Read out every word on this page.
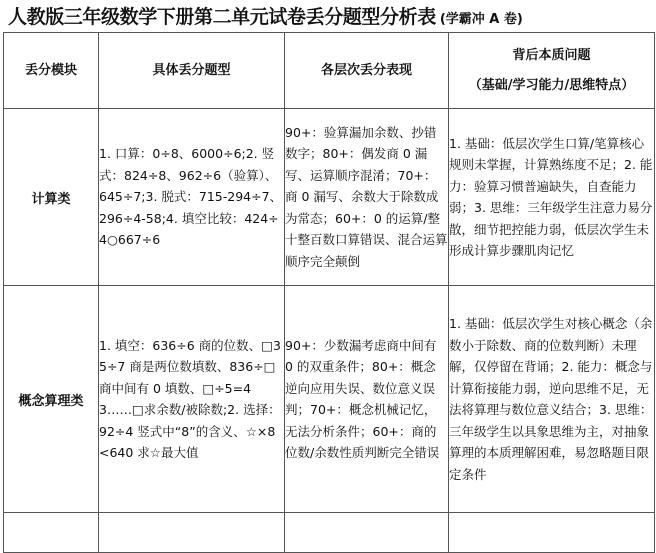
人教版三年级数学下册第二单元试卷丢分题型分析表 (学霸冲 A 卷)
丢分模块	具体丢分题型	各层次丢分表现	背后本质问题
（基础/学习能力/思维特点）

计算类	1. 口算：0÷8、6000÷6;2. 竖式：824÷8、962÷6（验算）、645÷7;3. 脱式：715-294÷7、296÷4-58;4. 填空比较：424÷4○667÷6	90+：验算漏加余数、抄错数字；80+：偶发商 0 漏写、运算顺序混淆；70+：商 0 漏写、余数大于除数成为常态；60+：0 的运算/整十整百数口算错误、混合运算顺序完全颠倒	1. 基础：低层次学生口算/笔算核心规则未掌握，计算熟练度不足；2. 能力：验算习惯普遍缺失，自查能力弱；3. 思维：三年级学生注意力易分散，细节把控能力弱，低层次学生未形成计算步骤肌肉记忆

概念算理类	1. 填空：636÷6 商的位数、□35÷7 商是两位数填数、836÷□商中间有 0 填数、□÷5=43……□求余数/被除数;2. 选择：92÷4 竖式中“8”的含义、☆×8<640 求☆最大值	90+：少数漏考虑商中间有 0 的双重条件；80+：概念逆向应用失误、数位意义误判；70+：概念机械记忆，无法分析条件；60+：商的位数/余数性质判断完全错误	1. 基础：低层次学生对核心概念（余数小于除数、商的位数判断）未理解，仅停留在背诵；2. 能力：概念与计算衔接能力弱，逆向思维不足，无法将算理与数位意义结合；3. 思维：三年级学生以具象思维为主，对抽象算理的本质理解困难，易忽略题目限定条件
